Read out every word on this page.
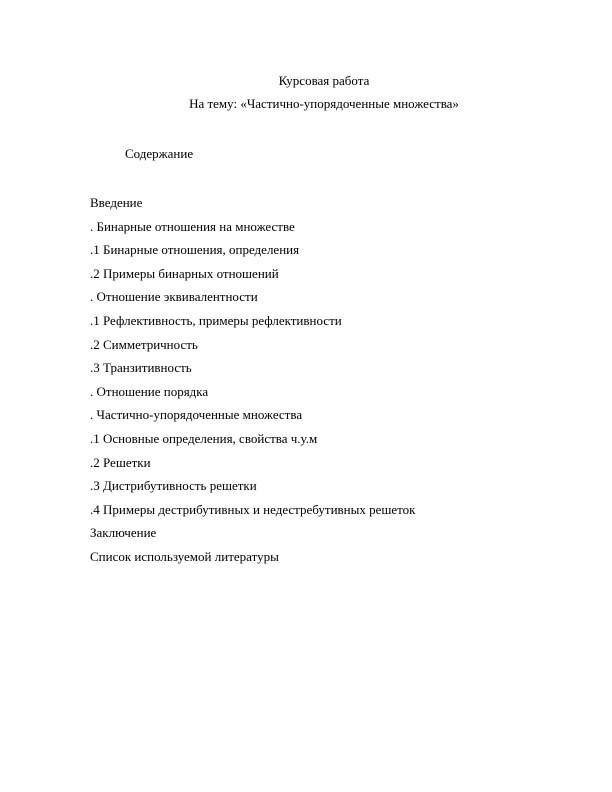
Курсовая работа
На тему: «Частично-упорядоченные множества»
Содержание
Введение
. Бинарные отношения на множестве
.1 Бинарные отношения, определения
.2 Примеры бинарных отношений
. Отношение эквивалентности
.1 Рефлективность, примеры рефлективности
.2 Симметричность
.3 Транзитивность
. Отношение порядка
. Частично-упорядоченные множества
.1 Основные определения, свойства ч.у.м
.2 Решетки
.3 Дистрибутивность решетки
.4 Примеры дестрибутивных и недестребутивных решеток
Заключение
Список используемой литературы
